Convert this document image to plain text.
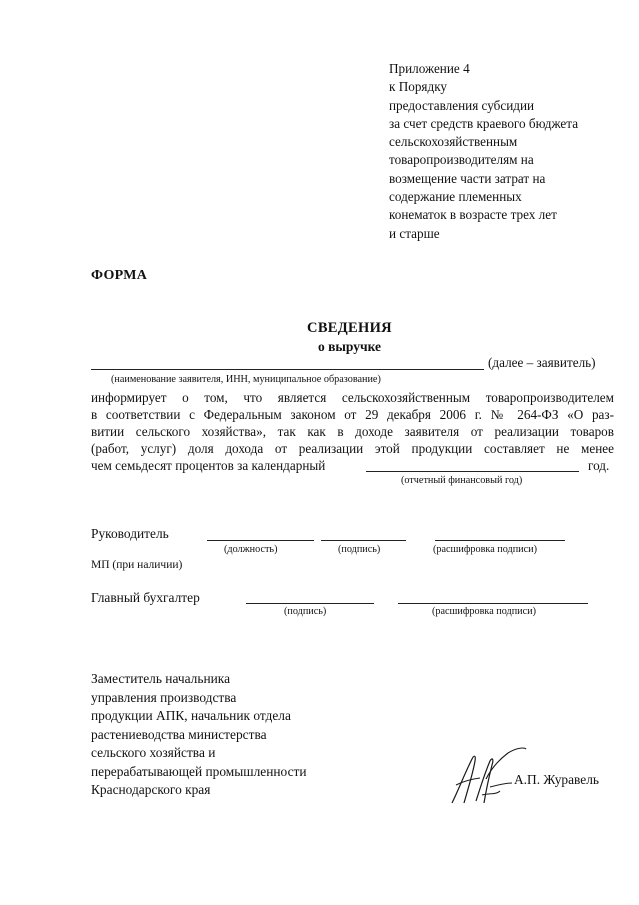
Приложение 4
к Порядку
предоставления субсидии
за счет средств краевого бюджета
сельскохозяйственным
товаропроизводителям на
возмещение части затрат на
содержание племенных
конематок в возрасте трех лет
и старше
ФОРМА
СВЕДЕНИЯ
о выручке
(далее – заявитель)
(наименование заявителя, ИНН, муниципальное образование)
информирует о том, что является сельскохозяйственным товаропроизводителем
в соответствии с Федеральным законом от 29 декабря 2006 г. № 264-ФЗ «О раз-
витии сельского хозяйства», так как в доходе заявителя от реализации товаров
(работ, услуг) доля дохода от реализации этой продукции составляет не менее
чем семьдесят процентов за календарный	год.
(отчетный финансовый год)
Руководитель
(должность)	(подпись)	(расшифровка подписи)
МП (при наличии)
Главный бухгалтер
(подпись)	(расшифровка подписи)
Заместитель начальника
управления производства
продукции АПК, начальник отдела
растениеводства министерства
сельского хозяйства и
перерабатывающей промышленности
Краснодарского края
А.П. Журавель
